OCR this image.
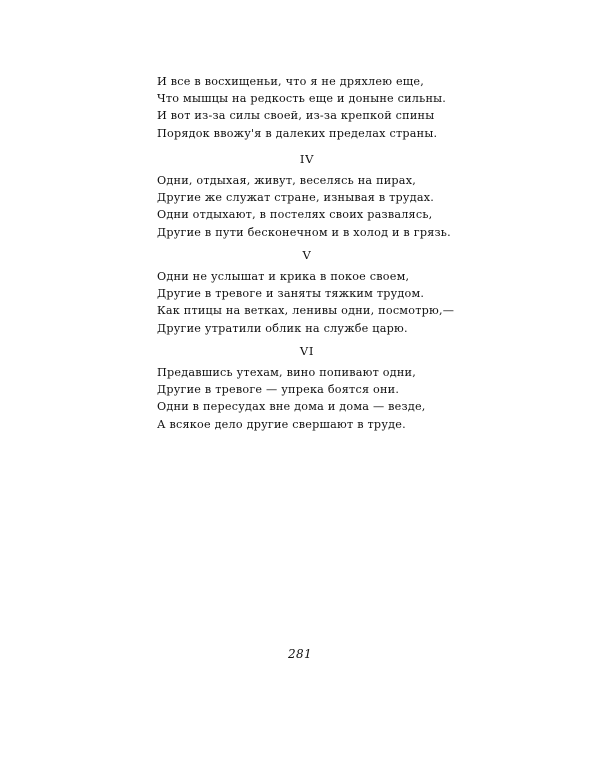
И все в восхищеньи, что я не дряхлею еще,
Что мышцы на редкость еще и доныне сильны.
И вот из-за силы своей, из-за крепкой спины
Порядок ввожу'я в далеких пределах страны.
IV
Одни, отдыхая, живут, веселясь на пирах,
Другие же служат стране, изнывая в трудах.
Одни отдыхают, в постелях своих развалясь,
Другие в пути бесконечном и в холод и в грязь.
V
Одни не услышат и крика в покое своем,
Другие в тревоге и заняты тяжким трудом.
Как птицы на ветках, ленивы одни, посмотрю,—
Другие утратили облик на службе царю.
VI
Предавшись утехам, вино попивают одни,
Другие в тревоге — упрека боятся они.
Одни в пересудах вне дома и дома — везде,
А всякое дело другие свершают в труде.
281
